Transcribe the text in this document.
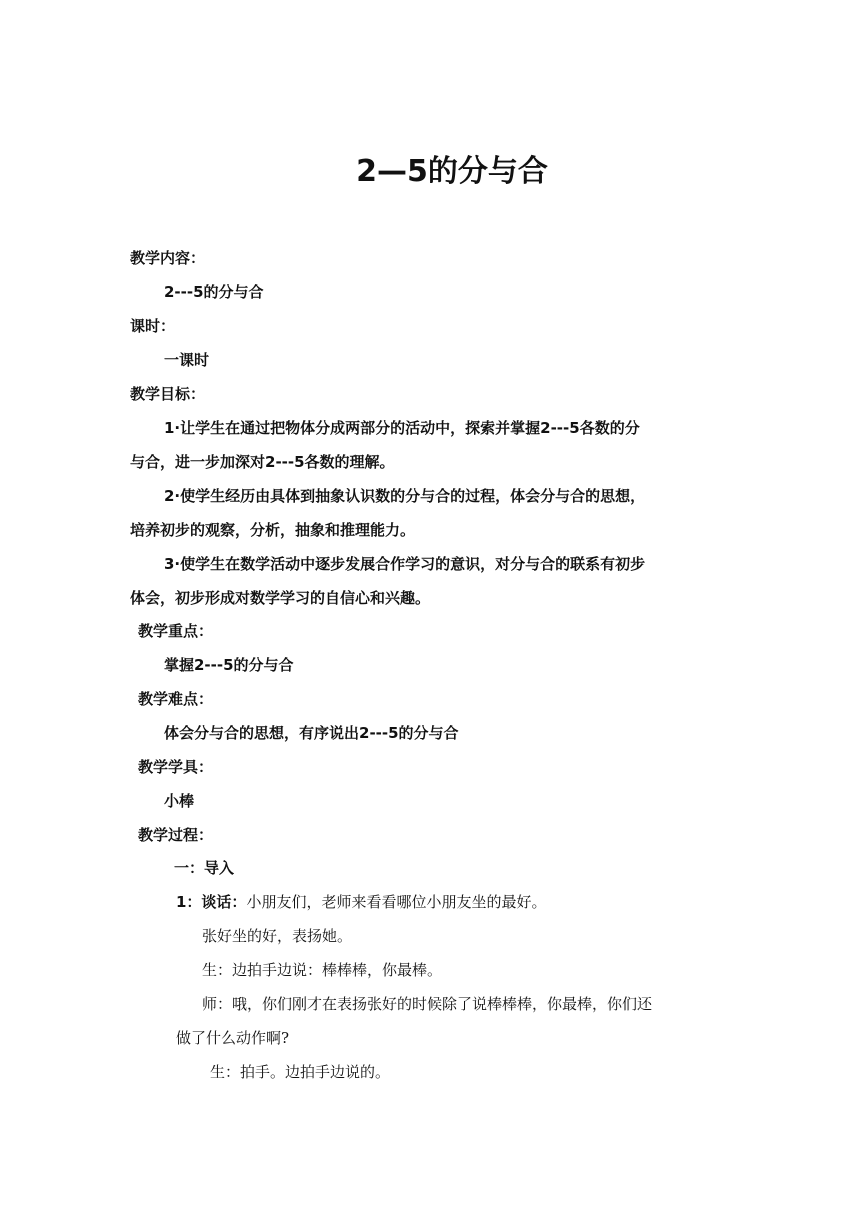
2—5的分与合
教学内容：
2---5的分与合
课时：
一课时
教学目标：
1·让学生在通过把物体分成两部分的活动中，探索并掌握2---5各数的分
与合，进一步加深对2---5各数的理解。
2·使学生经历由具体到抽象认识数的分与合的过程，体会分与合的思想，
培养初步的观察，分析，抽象和推理能力。
3·使学生在数学活动中逐步发展合作学习的意识，对分与合的联系有初步
体会，初步形成对数学学习的自信心和兴趣。
教学重点：
掌握2---5的分与合
教学难点：
体会分与合的思想，有序说出2---5的分与合
教学学具：
小棒
教学过程：
一：导入
1：谈话：小朋友们，老师来看看哪位小朋友坐的最好。
张好坐的好，表扬她。
生：边拍手边说：棒棒棒，你最棒。
师：哦，你们刚才在表扬张好的时候除了说棒棒棒，你最棒，你们还
做了什么动作啊?
生：拍手。边拍手边说的。
